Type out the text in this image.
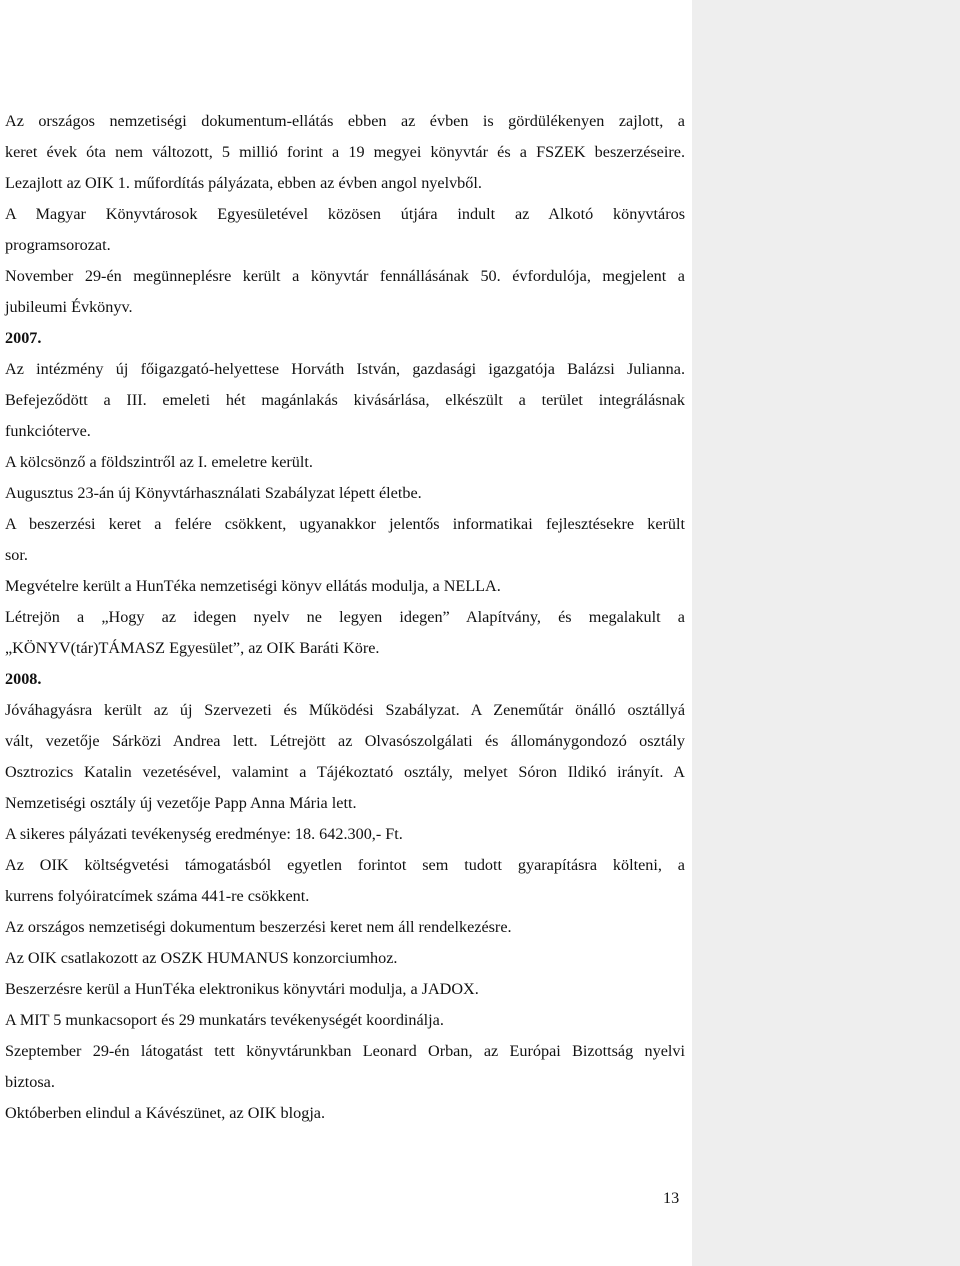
Az országos nemzetiségi dokumentum-ellátás ebben az évben is gördülékenyen zajlott, a
keret évek óta nem változott, 5 millió forint a 19 megyei könyvtár és a FSZEK beszerzéseire.
Lezajlott az OIK 1. műfordítás pályázata, ebben az évben angol nyelvből.
A Magyar Könyvtárosok Egyesületével közösen útjára indult az Alkotó könyvtáros
programsorozat.
November 29-én megünneplésre került a könyvtár fennállásának 50. évfordulója, megjelent a
jubileumi Évkönyv.
2007.
Az intézmény új főigazgató-helyettese Horváth István, gazdasági igazgatója Balázsi Julianna.
Befejeződött a III. emeleti hét magánlakás kivásárlása, elkészült a terület integrálásnak
funkcióterve.
A kölcsönző a földszintről az I. emeletre került.
Augusztus 23-án új Könyvtárhasználati Szabályzat lépett életbe.
A beszerzési keret a felére csökkent, ugyanakkor jelentős informatikai fejlesztésekre került
sor.
Megvételre került a HunTéka nemzetiségi könyv ellátás modulja, a NELLA.
Létrejön a „Hogy az idegen nyelv ne legyen idegen” Alapítvány, és megalakult a
„KÖNYV(tár)TÁMASZ Egyesület”, az OIK Baráti Köre.
2008.
Jóváhagyásra került az új Szervezeti és Működési Szabályzat. A Zeneműtár önálló osztállyá
vált, vezetője Sárközi Andrea lett. Létrejött az Olvasószolgálati és állománygondozó osztály
Osztrozics Katalin vezetésével, valamint a Tájékoztató osztály, melyet Sóron Ildikó irányít. A
Nemzetiségi osztály új vezetője Papp Anna Mária lett.
A sikeres pályázati tevékenység eredménye: 18. 642.300,- Ft.
Az OIK költségvetési támogatásból egyetlen forintot sem tudott gyarapításra költeni, a
kurrens folyóiratcímek száma 441-re csökkent.
Az országos nemzetiségi dokumentum beszerzési keret nem áll rendelkezésre.
Az OIK csatlakozott az OSZK HUMANUS konzorciumhoz.
Beszerzésre kerül a HunTéka elektronikus könyvtári modulja, a JADOX.
A MIT 5 munkacsoport és 29 munkatárs tevékenységét koordinálja.
Szeptember 29-én látogatást tett könyvtárunkban Leonard Orban, az Európai Bizottság nyelvi
biztosa.
Októberben elindul a Kávészünet, az OIK blogja.
13
